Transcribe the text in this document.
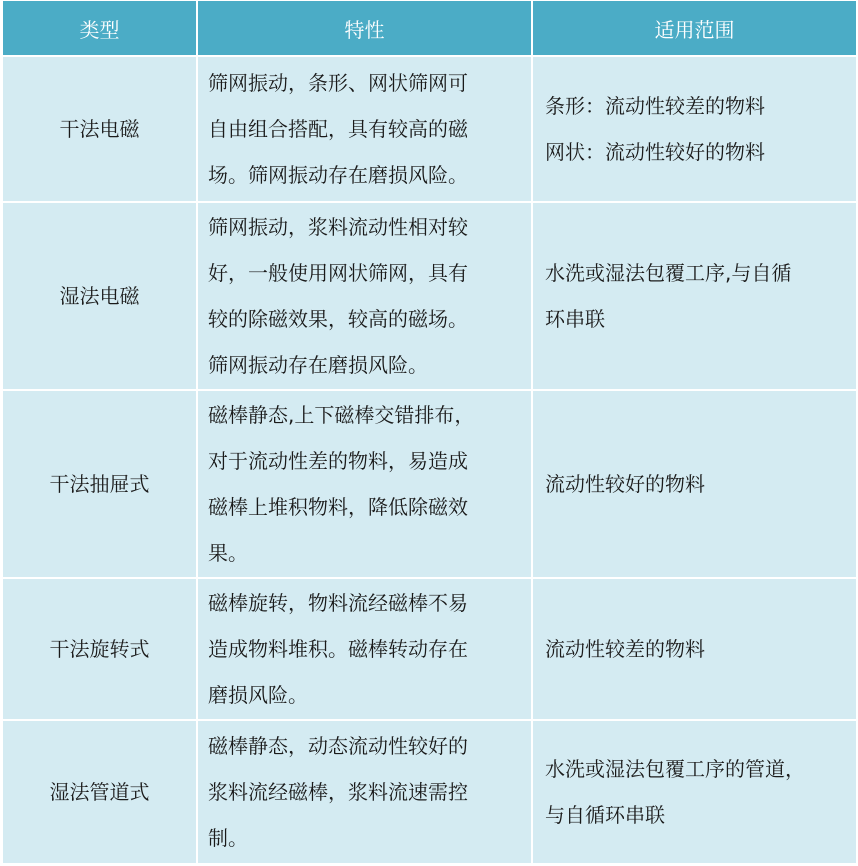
类型	特性	适用范围
干法电磁	筛网振动，条形、网状筛网可
自由组合搭配，具有较高的磁
场。筛网振动存在磨损风险。	条形：流动性较差的物料
网状：流动性较好的物料

湿法电磁	筛网振动，浆料流动性相对较
好，一般使用网状筛网，具有
较的除磁效果，较高的磁场。
筛网振动存在磨损风险。	水洗或湿法包覆工序,与自循
环串联

干法抽屉式	磁棒静态,上下磁棒交错排布，
对于流动性差的物料，易造成
磁棒上堆积物料，降低除磁效
果。	流动性较好的物料

干法旋转式	磁棒旋转，物料流经磁棒不易
造成物料堆积。磁棒转动存在
磨损风险。	流动性较差的物料

湿法管道式	磁棒静态，动态流动性较好的
浆料流经磁棒，浆料流速需控
制。	水洗或湿法包覆工序的管道，
与自循环串联
